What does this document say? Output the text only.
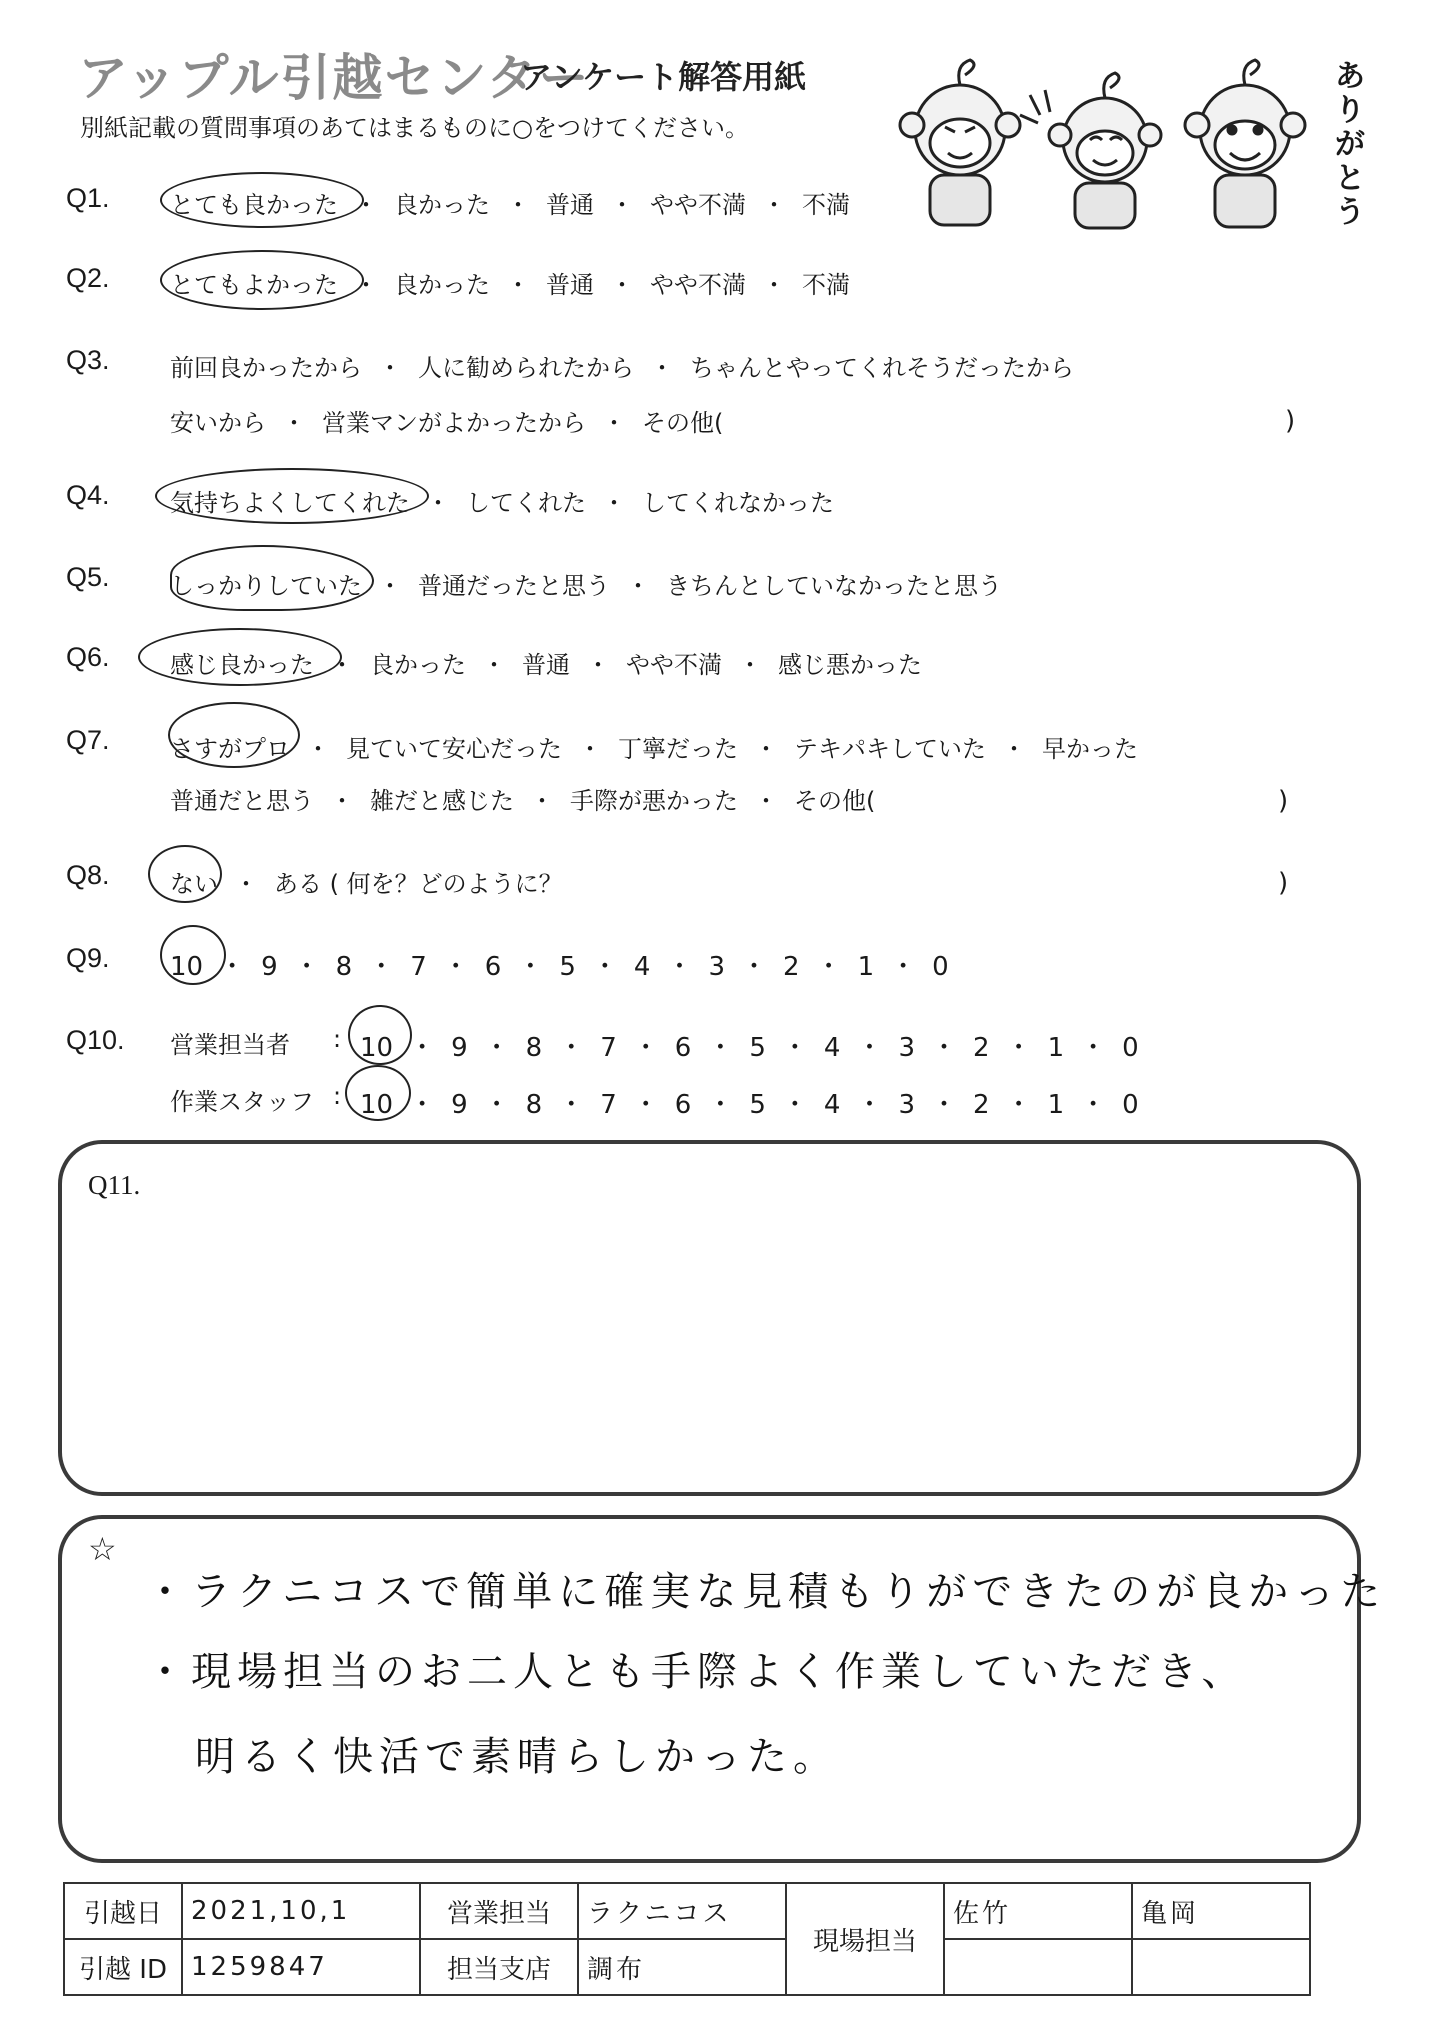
アップル引越センター
アンケート解答用紙
別紙記載の質問事項のあてはまるものに○をつけてください。
ありがとう
Q1.	とても良かった ・ 良かった ・ 普通 ・ やや不満 ・ 不満
Q2.	とてもよかった ・ 良かった ・ 普通 ・ やや不満 ・ 不満
Q3.	前回良かったから ・ 人に勧められたから ・ ちゃんとやってくれそうだったから
安いから ・ 営業マンがよかったから ・ その他(	)
Q4.	気持ちよくしてくれた ・ してくれた ・ してくれなかった
Q5.	しっかりしていた ・ 普通だったと思う ・ きちんとしていなかったと思う
Q6.	感じ良かった ・ 良かった ・ 普通 ・ やや不満 ・ 感じ悪かった
Q7.	さすがプロ ・ 見ていて安心だった ・ 丁寧だった ・ テキパキしていた ・ 早かった
普通だと思う ・ 雑だと感じた ・ 手際が悪かった ・ その他(	)
Q8.	ない ・ ある ( 何を？どのように？	)
Q9. 10 ・ 9 ・ 8 ・ 7 ・ 6 ・ 5 ・ 4 ・ 3 ・ 2 ・ 1 ・ 0
Q10. 営業担当者 : 10 ・ 9 ・ 8 ・ 7 ・ 6 ・ 5 ・ 4 ・ 3 ・ 2 ・ 1 ・ 0
作業スタッフ : 10 ・ 9 ・ 8 ・ 7 ・ 6 ・ 5 ・ 4 ・ 3 ・ 2 ・ 1 ・ 0
Q11.
☆
・ラクニコスで簡単に確実な見積もりができたのが良かった
・現場担当のお二人とも手際よく作業していただき、
明るく快活で素晴らしかった。
引越日	2021,10,1	営業担当	ラクニコス	現場担当	佐竹	亀岡
引越 ID	1259847	担当支店	調布			
